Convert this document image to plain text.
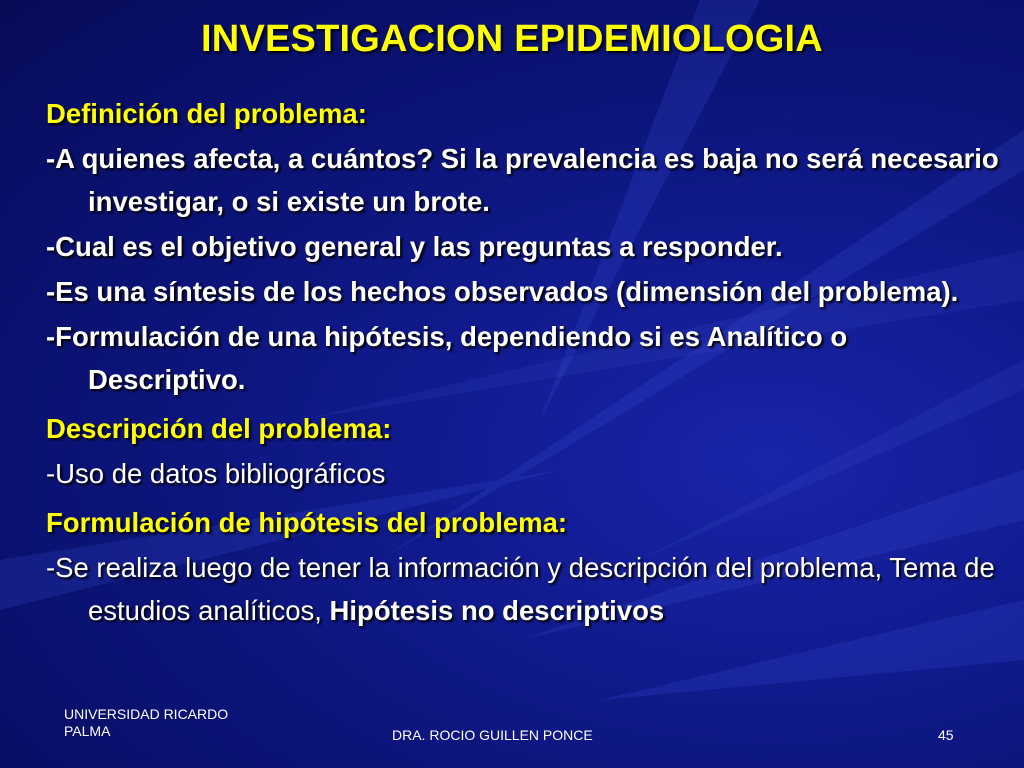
INVESTIGACION EPIDEMIOLOGIA

Definición del problema:

-A quienes afecta, a cuántos? Si la prevalencia es baja no será necesario investigar, o si existe un brote.

-Cual es el objetivo general y las preguntas a responder.

-Es una síntesis de los hechos observados (dimensión del problema).

-Formulación de una hipótesis, dependiendo si es Analítico o Descriptivo.

Descripción del problema:

-Uso de datos bibliográficos

Formulación de hipótesis del problema:

-Se realiza luego de tener la información y descripción del problema, Tema de estudios analíticos, Hipótesis no descriptivos

UNIVERSIDAD RICARDO PALMA	DRA. ROCIO GUILLEN PONCE	45
